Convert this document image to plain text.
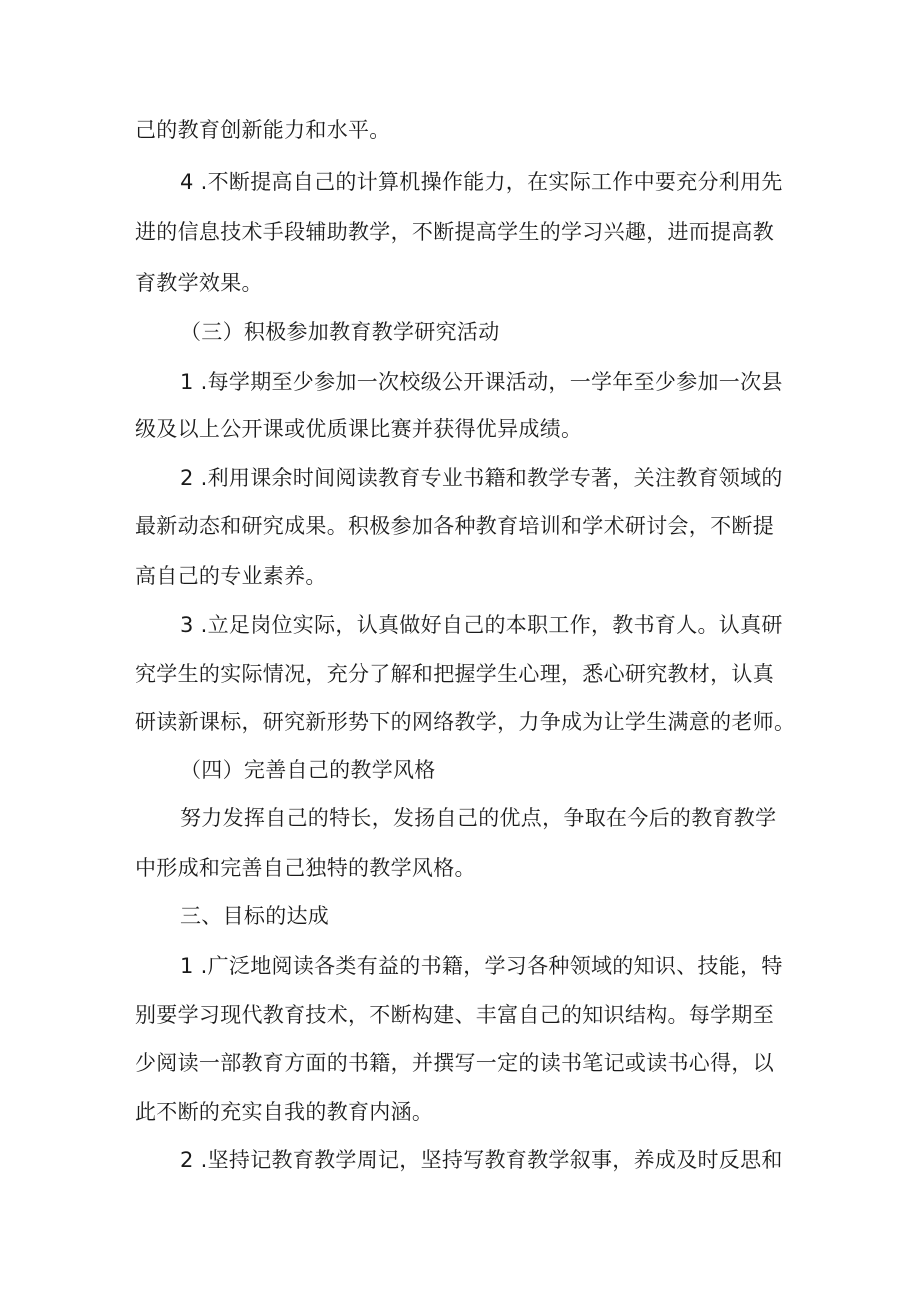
己的教育创新能力和水平。
4 .不断提高自己的计算机操作能力，在实际工作中要充分利用先
进的信息技术手段辅助教学，不断提高学生的学习兴趣，进而提高教
育教学效果。
（三）积极参加教育教学研究活动
1 .每学期至少参加一次校级公开课活动，一学年至少参加一次县
级及以上公开课或优质课比赛并获得优异成绩。
2 .利用课余时间阅读教育专业书籍和教学专著，关注教育领域的
最新动态和研究成果。积极参加各种教育培训和学术研讨会，不断提
高自己的专业素养。
3 .立足岗位实际，认真做好自己的本职工作，教书育人。认真研
究学生的实际情况，充分了解和把握学生心理，悉心研究教材，认真
研读新课标，研究新形势下的网络教学，力争成为让学生满意的老师。
（四）完善自己的教学风格
努力发挥自己的特长，发扬自己的优点，争取在今后的教育教学
中形成和完善自己独特的教学风格。
三、目标的达成
1 .广泛地阅读各类有益的书籍，学习各种领域的知识、技能，特
别要学习现代教育技术，不断构建、丰富自己的知识结构。每学期至
少阅读一部教育方面的书籍，并撰写一定的读书笔记或读书心得，以
此不断的充实自我的教育内涵。
2 .坚持记教育教学周记，坚持写教育教学叙事，养成及时反思和
